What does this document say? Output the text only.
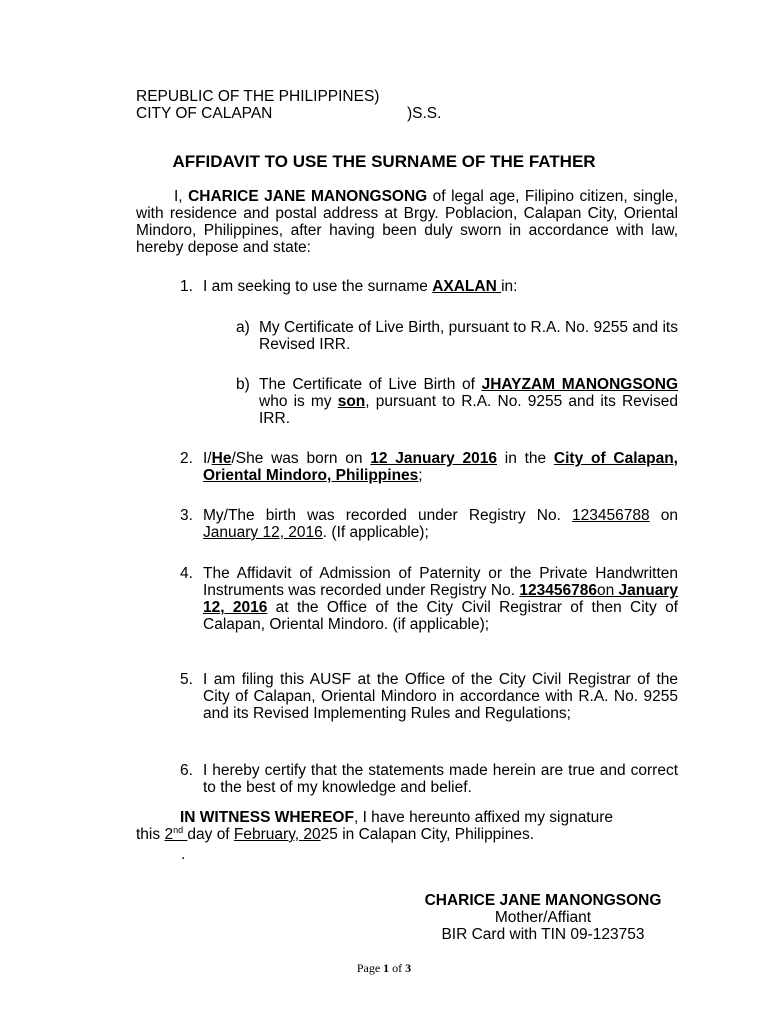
REPUBLIC OF THE PHILIPPINES)
CITY OF CALAPAN	)S.S.
AFFIDAVIT TO USE THE SURNAME OF THE FATHER
I, CHARICE JANE MANONGSONG of legal age, Filipino citizen, single, with residence and postal address at Brgy. Poblacion, Calapan City, Oriental Mindoro, Philippines, after having been duly sworn in accordance with law, hereby depose and state:
1. I am seeking to use the surname AXALAN in:
a) My Certificate of Live Birth, pursuant to R.A. No. 9255 and its Revised IRR.
b) The Certificate of Live Birth of JHAYZAM MANONGSONG who is my son, pursuant to R.A. No. 9255 and its Revised IRR.
2. I/He/She was born on 12 January 2016 in the City of Calapan, Oriental Mindoro, Philippines;
3. My/The birth was recorded under Registry No. 123456788 on January 12, 2016. (If applicable);
4. The Affidavit of Admission of Paternity or the Private Handwritten Instruments was recorded under Registry No. 123456786on January 12, 2016 at the Office of the City Civil Registrar of then City of Calapan, Oriental Mindoro. (if applicable);
5. I am filing this AUSF at the Office of the City Civil Registrar of the City of Calapan, Oriental Mindoro in accordance with R.A. No. 9255 and its Revised Implementing Rules and Regulations;
6. I hereby certify that the statements made herein are true and correct to the best of my knowledge and belief.
IN WITNESS WHEREOF, I have hereunto affixed my signature
this 2nd day of February, 2025 in Calapan City, Philippines.
.
CHARICE JANE MANONGSONG
Mother/Affiant
BIR Card with TIN 09-123753
Page 1 of 3
